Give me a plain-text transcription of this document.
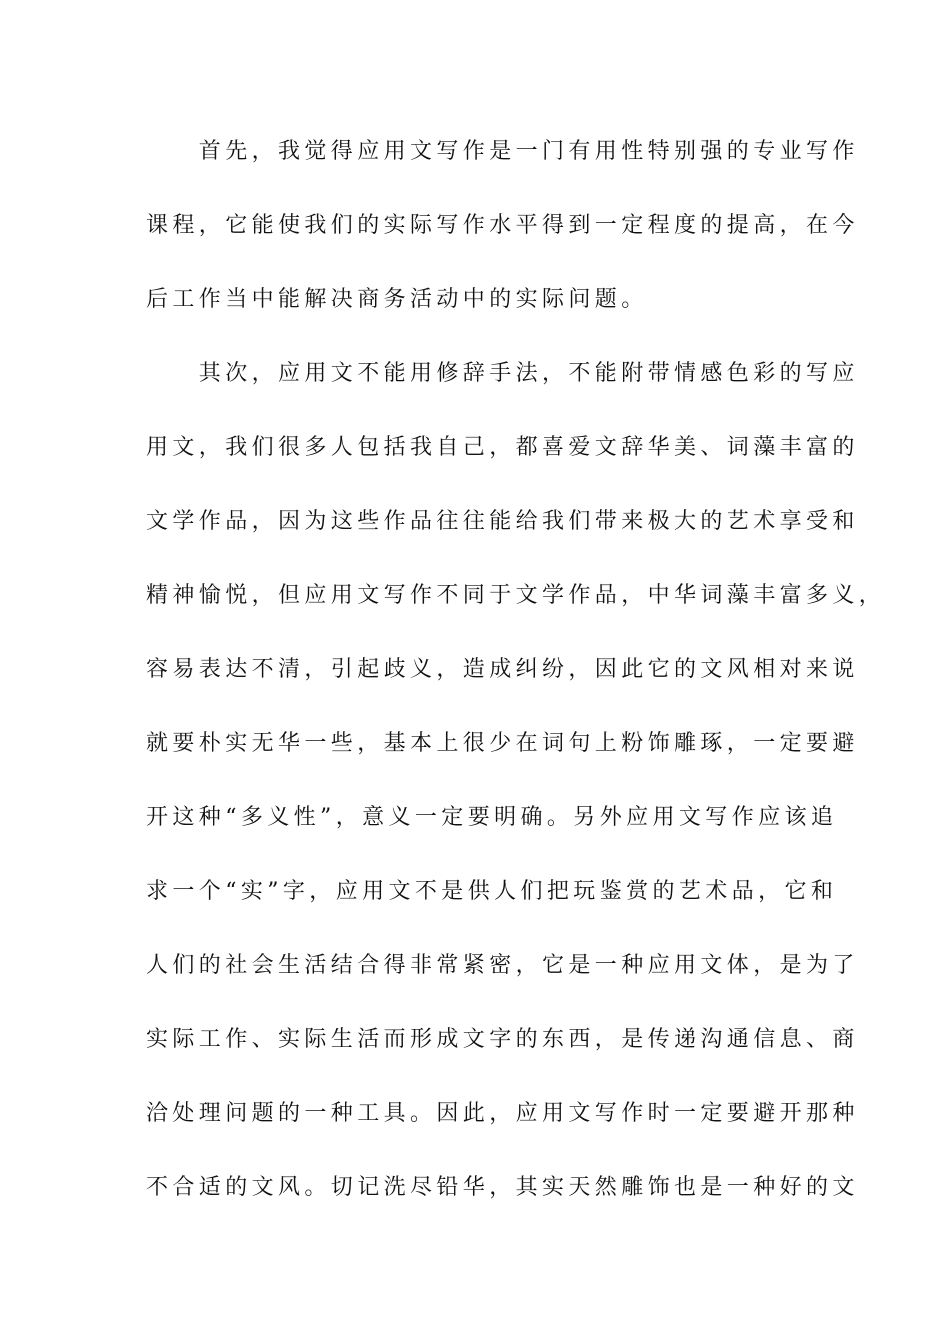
　　首先，我觉得应用文写作是一门有用性特别强的专业写作
课程，它能使我们的实际写作水平得到一定程度的提高，在今
后工作当中能解决商务活动中的实际问题。
　　其次，应用文不能用修辞手法，不能附带情感色彩的写应
用文，我们很多人包括我自己，都喜爱文辞华美、词藻丰富的
文学作品，因为这些作品往往能给我们带来极大的艺术享受和
精神愉悦，但应用文写作不同于文学作品，中华词藻丰富多义，
容易表达不清，引起歧义，造成纠纷，因此它的文风相对来说
就要朴实无华一些，基本上很少在词句上粉饰雕琢，一定要避
开这种“多义性”，意义一定要明确。另外应用文写作应该追
求一个“实”字，应用文不是供人们把玩鉴赏的艺术品，它和
人们的社会生活结合得非常紧密，它是一种应用文体，是为了
实际工作、实际生活而形成文字的东西，是传递沟通信息、商
洽处理问题的一种工具。因此，应用文写作时一定要避开那种
不合适的文风。切记洗尽铅华，其实天然雕饰也是一种好的文
